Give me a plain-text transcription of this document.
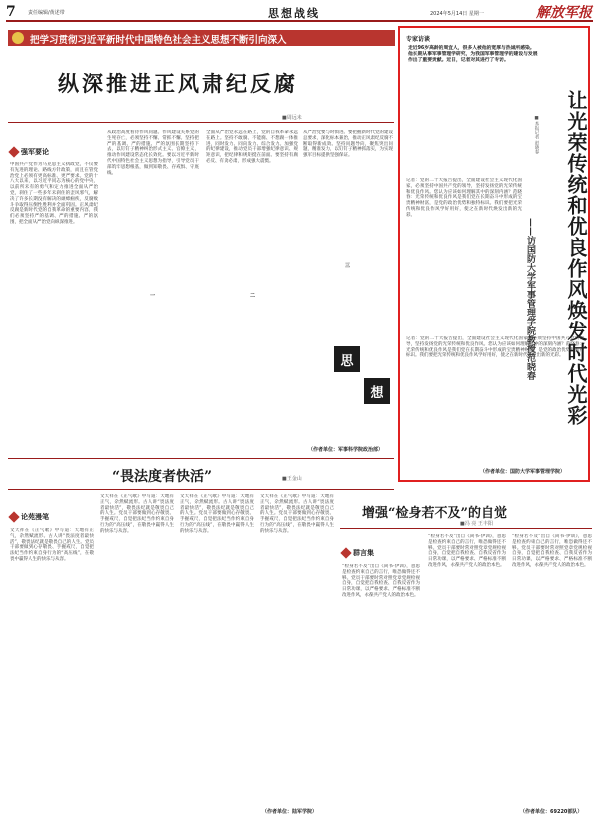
7 责任编辑/黄述带	思想战线	2024年5月14日 星期一	解放军报
把学习贯彻习近平新时代中国特色社会主义思想不断引向深入
纵深推进正风肃纪反腐
■周远未
强军要论
中国共产党作为马克思主义执政党，不仅要有先进的理论、路线方针政策，而且在管党治党上必须有更高标准、更严要求。党的十八大以来，以习近平同志为核心的党中央，以前所未有的勇气和定力推进全面从严治党，刹住了一些多年未刹住的歪风邪气，解决了许多长期没有解决的顽瘴痼疾，反腐败斗争取得压倒性胜利并全面巩固。正风肃纪反腐是新时代党的自我革命的重要内容，我们必须坚持严的基调、严的措施、严的氛围，把全面从严治党向纵深推进。
从政治高度看待作风问题。作风建设关系党的生死存亡，必须坚持不懈、常抓不懈。坚持把严的基调、严的措施、严的氛围长期坚持下去，以钉钉子精神纠治形式主义、官僚主义，推动作风建设常态化长效化。要以习近平新时代中国特色社会主义思想为指导，引导党员干部筑牢思想根基，做到知敬畏、存戒惧、守底线。
一
全面从严治党永远在路上，党的自我革命永远在路上。坚持不敢腐、不能腐、不想腐一体推进，同时发力、同向发力、综合发力。加强党的纪律建设，推动党员干部增强纪律意识、规矩意识，把纪律和规矩挺在前面。要坚持有腐必反、有贪必肃，形成强大震慑。
二
从严治党要与时俱进。要把握新时代党的建设总要求，深化标本兼治，推动正风肃纪反腐不断取得新成效。坚持问题导向，聚焦突出问题，精准发力，以钉钉子精神抓落实，为实现强军目标提供坚强保证。
三
（作者单位：军事科学院政治部）
思
想
专家访谈
走近96岁高龄的周宜人，很多人被他的宽厚与热诚所感染。他长期从事军事管理学研究，为我国军事管理学的建设与发展作出了重要贡献。近日，记者对其进行了专访。
让光荣传统和优良作风焕发时代光彩
■本报记者 赵晓春
——访国防大学军事管理学院教授范晓春
记者：党的二十大报告提出，全面建设社会主义现代化国家，必须坚持中国共产党的领导，坚持发扬党的光荣传统和优良作风。您认为应该如何理解其中的深刻内涵？范晓春：光荣传统和优良作风是我们党在长期奋斗中形成的宝贵精神财富，是党的政治优势和独特标识。我们要把光荣传统和优良作风学好用好，使之在新时代焕发出新的光彩。
记者：党的二十大报告提出，全面建设社会主义现代化国家，必须坚持中国共产党的领导，坚持发扬党的光荣传统和优良作风。您认为应该如何理解其中的深刻内涵？范晓春：光荣传统和优良作风是我们党在长期奋斗中形成的宝贵精神财富，是党的政治优势和独特标识。我们要把光荣传统和优良作风学好用好，使之在新时代焕发出新的光彩。
（作者单位：国防大学军事管理学院）
“畏法度者快活”	■王金山
论苑漫笔
文天祥在《正气歌》中写道：天地有正气，杂然赋流形。古人讲“畏法度者最快活”，敬畏法纪就是敬畏自己的人生。党员干部要做到心存敬畏、手握戒尺，自觉把法纪当作约束自身行为的“高压线”，在敬畏中赢得人生的快乐与从容。
文天祥在《正气歌》中写道：天地有正气，杂然赋流形。古人讲“畏法度者最快活”，敬畏法纪就是敬畏自己的人生。党员干部要做到心存敬畏、手握戒尺，自觉把法纪当作约束自身行为的“高压线”，在敬畏中赢得人生的快乐与从容。
文天祥在《正气歌》中写道：天地有正气，杂然赋流形。古人讲“畏法度者最快活”，敬畏法纪就是敬畏自己的人生。党员干部要做到心存敬畏、手握戒尺，自觉把法纪当作约束自身行为的“高压线”，在敬畏中赢得人生的快乐与从容。
文天祥在《正气歌》中写道：天地有正气，杂然赋流形。古人讲“畏法度者最快活”，敬畏法纪就是敬畏自己的人生。党员干部要做到心存敬畏、手握戒尺，自觉把法纪当作约束自身行为的“高压线”，在敬畏中赢得人生的快乐与从容。
（作者单位：陆军学院）
增强“检身若不及”的自觉
■冯 亮 王丰阳
群言集
“检身若不及”出自《尚书·伊训》，意思是检查约束自己的言行，唯恐做得还不够。党员干部要时常对照党章党规检视自身，自觉把自我检查、自我反省作为日常功课，以严格要求、严格标准不断改进作风，永葆共产党人的政治本色。
“检身若不及”出自《尚书·伊训》，意思是检查约束自己的言行，唯恐做得还不够。党员干部要时常对照党章党规检视自身，自觉把自我检查、自我反省作为日常功课，以严格要求、严格标准不断改进作风，永葆共产党人的政治本色。
“检身若不及”出自《尚书·伊训》，意思是检查约束自己的言行，唯恐做得还不够。党员干部要时常对照党章党规检视自身，自觉把自我检查、自我反省作为日常功课，以严格要求、严格标准不断改进作风，永葆共产党人的政治本色。
（作者单位：69220部队）
